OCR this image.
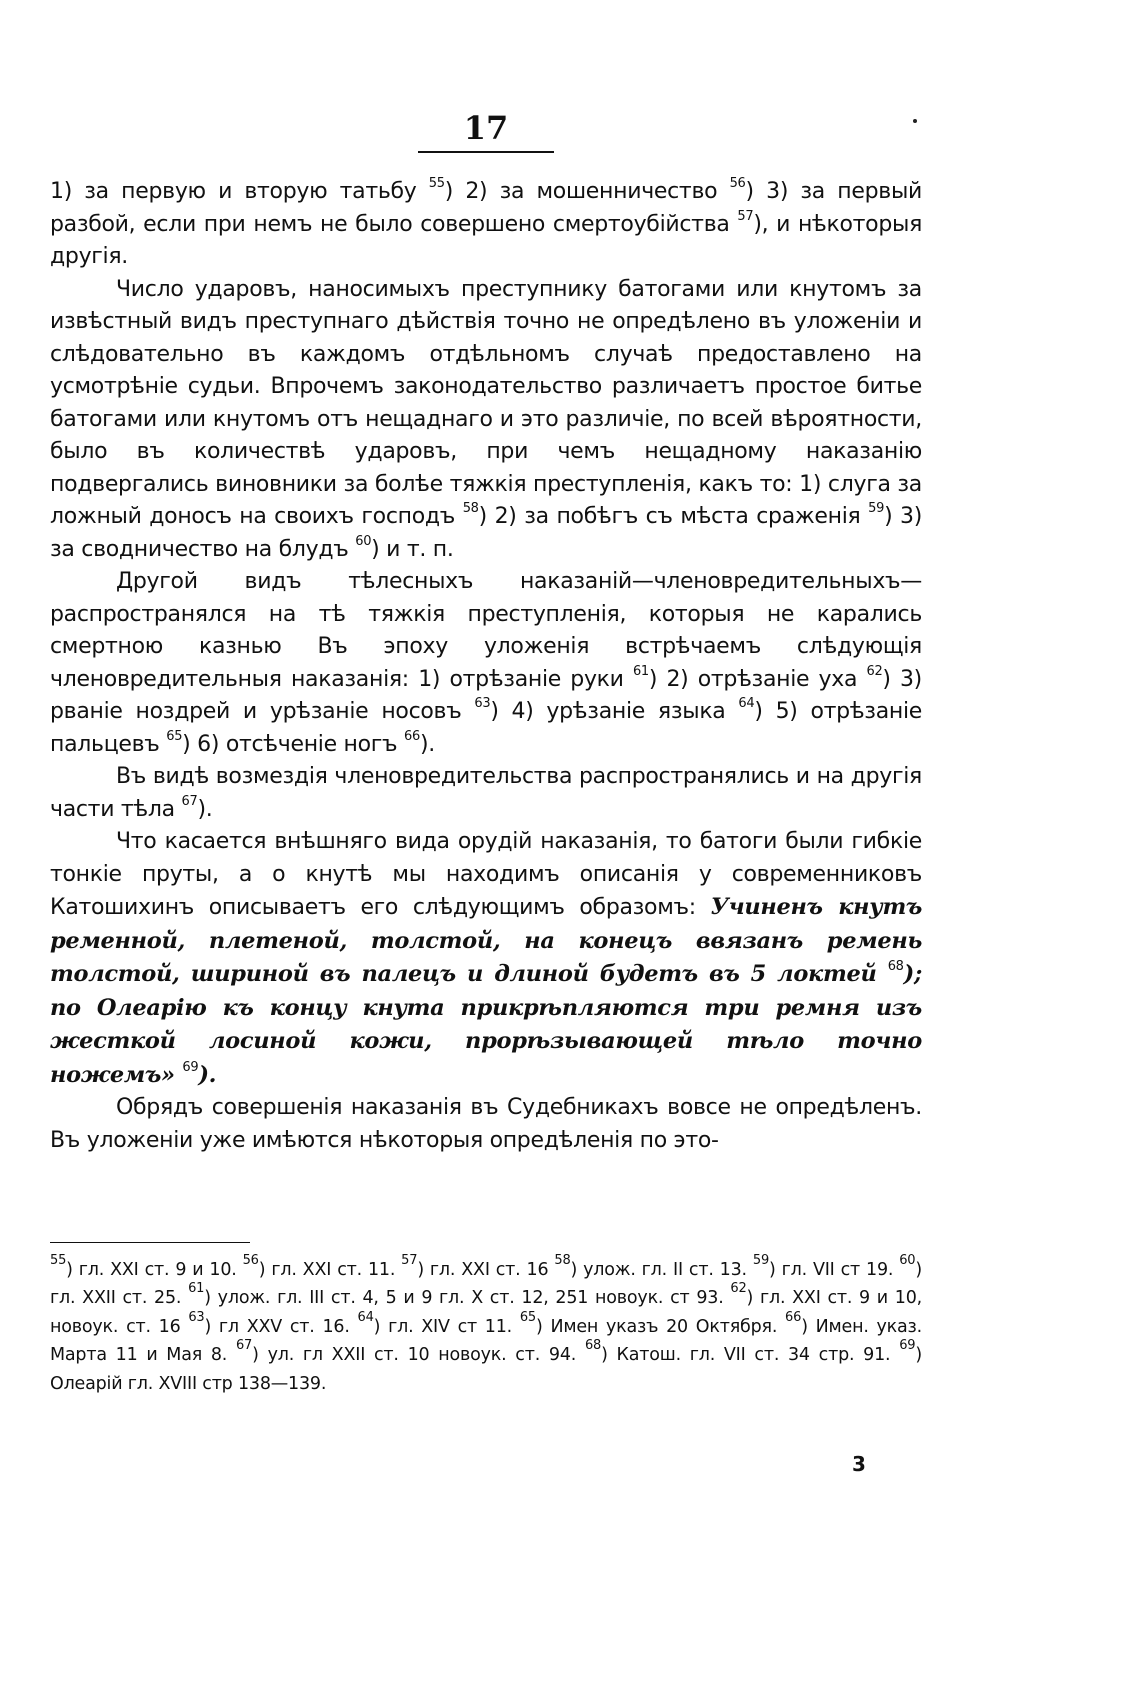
17

1) за первую и вторую татьбу $^{55}$) 2) за мошенничество $^{56}$) 3) за первый разбой, если при немъ не было совершено смертоубійства $^{57}$), и нѣкоторыя другія.

Число ударовъ, наносимыхъ преступнику батогами или кнутомъ за извѣстный видъ преступнаго дѣйствія точно не опредѣлено въ уложеніи и слѣдовательно въ каждомъ отдѣльномъ случаѣ предоставлено на усмотрѣніе судьи. Впрочемъ законодательство различаетъ простое битье батогами или кнутомъ отъ нещаднаго и это различіе, по всей вѣроятности, было въ количествѣ ударовъ, при чемъ нещадному наказанію подвергались виновники за болѣе тяжкія преступленія, какъ то: 1) слуга за ложный доносъ на своихъ господъ $^{58}$) 2) за побѣгъ съ мѣста сраженія $^{59}$) 3) за сводничество на блудъ $^{60}$) и т. п.

Другой видъ тѣлесныхъ наказаній—членовредительныхъ—распространялся на тѣ тяжкія преступленія, которыя не карались смертною казнью Въ эпоху уложенія встрѣчаемъ слѣдующія членовредительныя наказанія: 1) отрѣзаніе руки $^{61}$) 2) отрѣзаніе уха $^{62}$) 3) рваніе ноздрей и урѣзаніе носовъ $^{63}$) 4) урѣзаніе языка $^{64}$) 5) отрѣзаніе пальцевъ $^{65}$) 6) отсѣченіе ногъ $^{66}$).

Въ видѣ возмездія членовредительства распространялись и на другія части тѣла $^{67}$).

Что касается внѣшняго вида орудій наказанія, то батоги были гибкіе тонкіе пруты, а о кнутѣ мы находимъ описанія у современниковъ Катошихинъ описываетъ его слѣдующимъ образомъ: Учиненъ кнутъ ременной, плетеной, толстой, на конецъ ввязанъ ремень толстой, шириной въ палецъ и длиной будетъ въ 5 локтей $^{68}$); по Олеарію къ концу кнута прикрѣпляются три ремня изъ жесткой лосиной кожи, прорѣзывающей тѣло точно ножемъ» $^{69}$).

Обрядъ совершенія наказанія въ Судебникахъ вовсе не опредѣленъ. Въ уложеніи уже имѣются нѣкоторыя опредѣленія по это-

$^{55}$) гл. XXI ст. 9 и 10. $^{56}$) гл. XXI ст. 11. $^{57}$) гл. XXI ст. 16 $^{58}$) улож. гл. II ст. 13. $^{59}$) гл. VII ст 19. $^{60}$) гл. XXII ст. 25. $^{61}$) улож. гл. III ст. 4, 5 и 9 гл. X ст. 12, 251 новоук. ст 93. $^{62}$) гл. XXI ст. 9 и 10, новоук. ст. 16 $^{63}$) гл XXV ст. 16. $^{64}$) гл. XIV ст 11. $^{65}$) Имен указъ 20 Октября. $^{66}$) Имен. указ. Марта 11 и Мая 8. $^{67}$) ул. гл XXII ст. 10 новоук. ст. 94. $^{68}$) Катош. гл. VII ст. 34 стр. 91. $^{69}$) Олеарій гл. XVIII стр 138—139.
3
